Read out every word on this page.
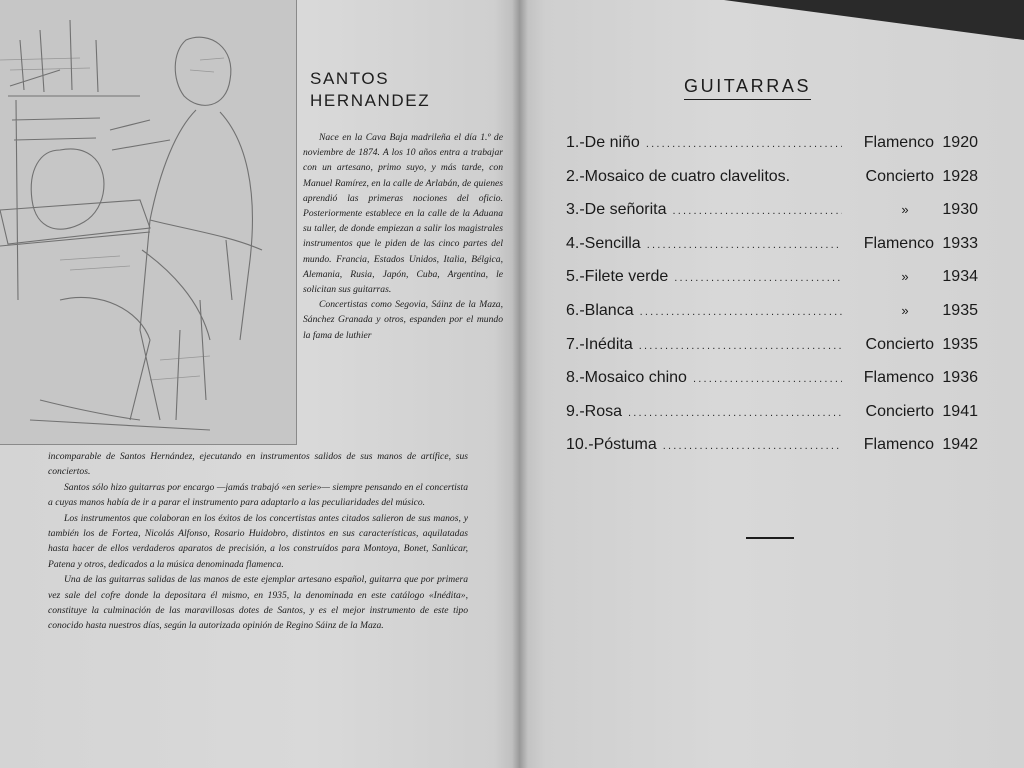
SANTOS
HERNANDEZ

Nace en la Cava Baja madrileña el día 1.º de noviembre de 1874. A los 10 años entra a trabajar con un artesano, primo suyo, y más tarde, con Manuel Ramírez, en la calle de Arlabán, de quienes aprendió las primeras nociones del oficio. Posteriormente establece en la calle de la Aduana su taller, de donde empiezan a salir los magistrales instrumentos que le piden de las cinco partes del mundo. Francia, Estados Unidos, Italia, Bélgica, Alemania, Rusia, Japón, Cuba, Argentina, le solicitan sus guitarras.

Concertistas como Segovia, Sáinz de la Maza, Sánchez Granada y otros, espanden por el mundo la fama de luthier

incomparable de Santos Hernández, ejecutando en instrumentos salidos de sus manos de artífice, sus conciertos.

Santos sólo hizo guitarras por encargo —jamás trabajó «en serie»— siempre pensando en el concertista a cuyas manos había de ir a parar el instrumento para adaptarlo a las peculiaridades del músico.

Los instrumentos que colaboran en los éxitos de los concertistas antes citados salieron de sus manos, y también los de Fortea, Nicolás Alfonso, Rosario Huidobro, distintos en sus características, aquilatadas hasta hacer de ellos verdaderos aparatos de precisión, a los construídos para Montoya, Bonet, Sanlúcar, Patena y otros, dedicados a la música denominada flamenca.

Una de las guitarras salidas de las manos de este ejemplar artesano español, guitarra que por primera vez sale del cofre donde la depositara él mismo, en 1935, la denominada en este catálogo «Inédita», constituye la culminación de las maravillosas dotes de Santos, y es el mejor instrumento de este tipo conocido hasta nuestros días, según la autorizada opinión de Regino Sáinz de la Maza.

GUITARRAS
1.-De niño .....	Flamenco 1920
2.-Mosaico de cuatro clavelitos.	Concierto 1928
3.-De señorita .....	»	1930
4.-Sencilla .....	Flamenco 1933
5.-Filete verde .....	»	1934
6.-Blanca .....	»	1935
7.-Inédita .....	Concierto 1935
8.-Mosaico chino .....	Flamenco 1936
9.-Rosa .....	Concierto 1941
10.-Póstuma .....	Flamenco 1942
